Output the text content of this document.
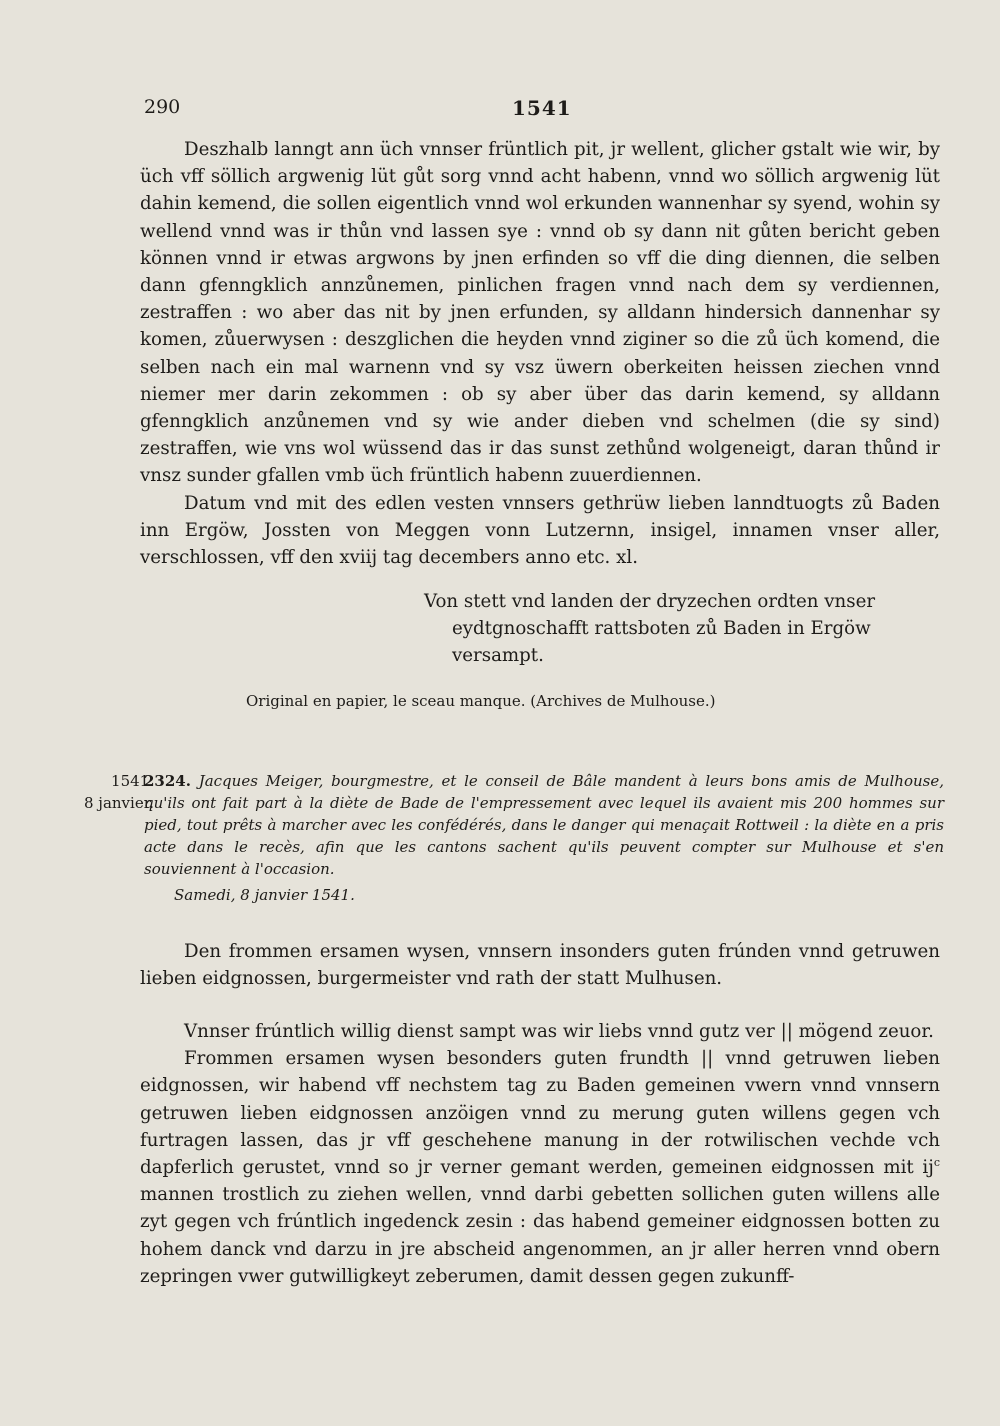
290	1541

Deszhalb lanngt ann üch vnnser früntlich pit, jr wellent, glicher gstalt wie wir, by üch vff söllich argwenig lüt gůt sorg vnnd acht habenn, vnnd wo söllich argwenig lüt dahin kemend, die sollen eigentlich vnnd wol erkunden wannenhar sy syend, wohin sy wellend vnnd was ir thůn vnd lassen sye : vnnd ob sy dann nit gůten bericht geben können vnnd ir etwas argwons by jnen erfinden so vff die ding diennen, die selben dann gfenngklich annzůnemen, pinlichen fragen vnnd nach dem sy verdiennen, zestraffen : wo aber das nit by jnen erfunden, sy alldann hindersich dannenhar sy komen, zůuerwysen : deszglichen die heyden vnnd ziginer so die zů üch komend, die selben nach ein mal warnenn vnd sy vsz üwern oberkeiten heissen ziechen vnnd niemer mer darin zekommen : ob sy aber über das darin kemend, sy alldann gfenngklich anzůnemen vnd sy wie ander dieben vnd schelmen (die sy sind) zestraffen, wie vns wol wüssend das ir das sunst zethůnd wolgeneigt, daran thůnd ir vnsz sunder gfallen vmb üch früntlich habenn zuuerdiennen.

Datum vnd mit des edlen vesten vnnsers gethrüw lieben lanndtuogts zů Baden inn Ergöw, Jossten von Meggen vonn Lutzernn, insigel, innamen vnser aller, verschlossen, vff den xviij tag decembers anno etc. xl.

Von stett vnd landen der dryzechen ordten vnser
eydtgnoschafft rattsboten zů Baden in Ergöw
versampt.
Original en papier, le sceau manque. (Archives de Mulhouse.)
1541.
8 janvier.
2324. Jacques Meiger, bourgmestre, et le conseil de Bâle mandent à leurs bons amis de Mulhouse, qu'ils ont fait part à la diète de Bade de l'empressement avec lequel ils avaient mis 200 hommes sur pied, tout prêts à marcher avec les confédérés, dans le danger qui menaçait Rottweil : la diète en a pris acte dans le recès, afin que les cantons sachent qu'ils peuvent compter sur Mulhouse et s'en souviennent à l'occasion.
Samedi, 8 janvier 1541.

Den frommen ersamen wysen, vnnsern insonders guten frúnden vnnd getruwen lieben eidgnossen, burgermeister vnd rath der statt Mulhusen.

Vnnser frúntlich willig dienst sampt was wir liebs vnnd gutz ver || mögend zeuor.

Frommen ersamen wysen besonders guten frundth || vnnd getruwen lieben eidgnossen, wir habend vff nechstem tag zu Baden gemeinen vwern vnnd vnnsern getruwen lieben eidgnossen anzöigen vnnd zu merung guten willens gegen vch furtragen lassen, das jr vff geschehene manung in der rotwilischen vechde vch dapferlich gerustet, vnnd so jr verner gemant werden, gemeinen eidgnossen mit $ij^c$ mannen trostlich zu ziehen wellen, vnnd darbi gebetten sollichen guten willens alle zyt gegen vch frúntlich ingedenck zesin : das habend gemeiner eidgnossen botten zu hohem danck vnd darzu in jre abscheid angenommen, an jr aller herren vnnd obern zepringen vwer gutwilligkeyt zeberumen, damit dessen gegen zukunff-
